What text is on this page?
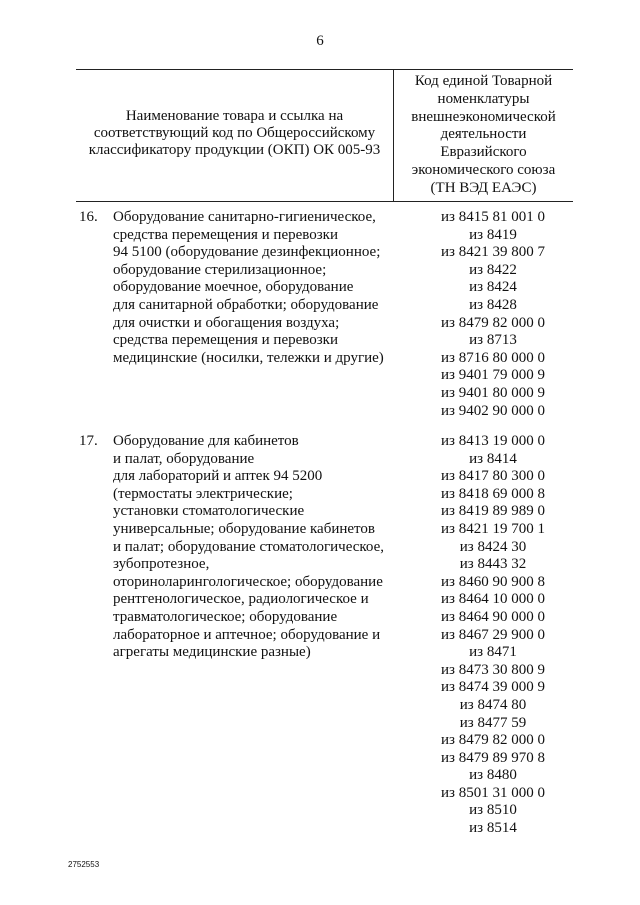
6
Наименование товара и ссылка на
соответствующий код по Общероссийскому
классификатору продукции (ОКП) ОК 005-93
Код единой Товарной
номенклатуры
внешнеэкономической
деятельности
Евразийского
экономического союза
(ТН ВЭД ЕАЭС)
16. Оборудование санитарно-гигиеническое,
средства перемещения и перевозки
94 5100 (оборудование дезинфекционное;
оборудование стерилизационное;
оборудование моечное, оборудование
для санитарной обработки; оборудование
для очистки и обогащения воздуха;
средства перемещения и перевозки
медицинские (носилки, тележки и другие)
из 8415 81 001 0
из 8419
из 8421 39 800 7
из 8422
из 8424
из 8428
из 8479 82 000 0
из 8713
из 8716 80 000 0
из 9401 79 000 9
из 9401 80 000 9
из 9402 90 000 0
17. Оборудование для кабинетов
и палат, оборудование
для лабораторий и аптек 94 5200
(термостаты электрические;
установки стоматологические
универсальные; оборудование кабинетов
и палат; оборудование стоматологическое,
зубопротезное,
оториноларингологическое; оборудование
рентгенологическое, радиологическое и
травматологическое; оборудование
лабораторное и аптечное; оборудование и
агрегаты медицинские разные)
из 8413 19 000 0
из 8414
из 8417 80 300 0
из 8418 69 000 8
из 8419 89 989 0
из 8421 19 700 1
из 8424 30
из 8443 32
из 8460 90 900 8
из 8464 10 000 0
из 8464 90 000 0
из 8467 29 900 0
из 8471
из 8473 30 800 9
из 8474 39 000 9
из 8474 80
из 8477 59
из 8479 82 000 0
из 8479 89 970 8
из 8480
из 8501 31 000 0
из 8510
из 8514
2752553
